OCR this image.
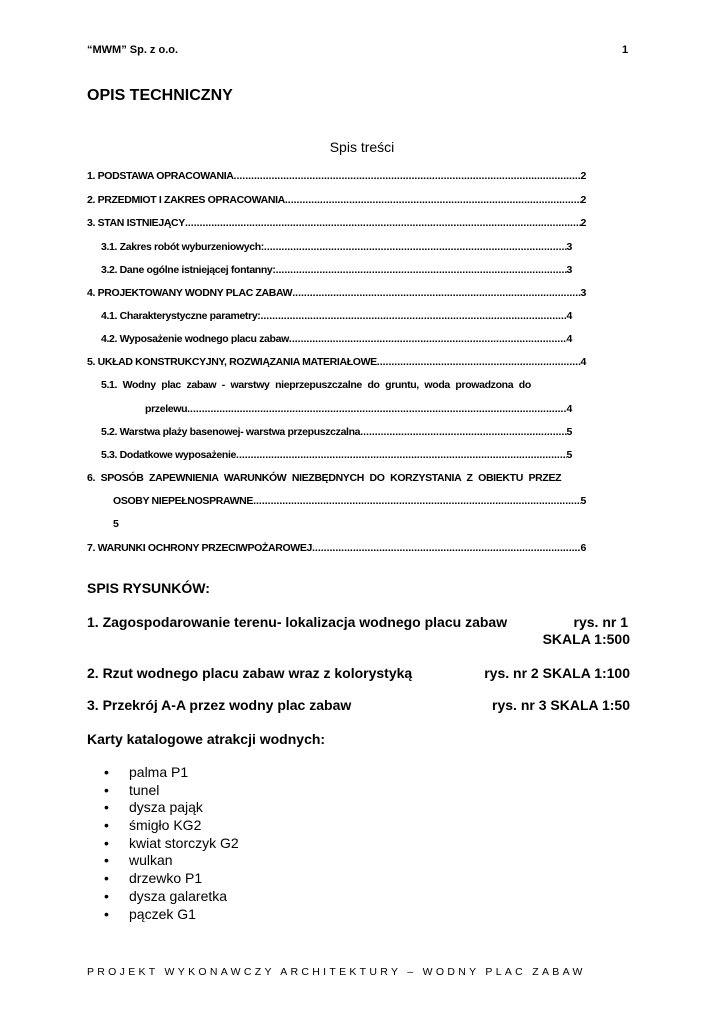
“MWM” Sp. z o.o.	1
OPIS TECHNICZNY
Spis treści
1. PODSTAWA OPRACOWANIA .....	2
2. PRZEDMIOT I ZAKRES OPRACOWANIA .....	2
3. STAN ISTNIEJĄCY .....	2
3.1. Zakres robót wyburzeniowych: .....	3
3.2. Dane ogólne istniejącej fontanny: .....	3
4. PROJEKTOWANY WODNY PLAC ZABAW .....	3
4.1. Charakterystyczne parametry: .....	4
4.2. Wyposażenie wodnego placu zabaw .....	4
5. UKŁAD KONSTRUKCYJNY, ROZWIĄZANIA MATERIAŁOWE .....	4
5.1. Wodny plac zabaw - warstwy nieprzepuszczalne do gruntu, woda prowadzona do
przelewu .....	4
5.2. Warstwa plaży basenowej- warstwa przepuszczalna .....	5
5.3. Dodatkowe wyposażenie .....	5
6. SPOSÓB ZAPEWNIENIA WARUNKÓW NIEZBĘDNYCH DO KORZYSTANIA Z OBIEKTU PRZEZ
OSOBY NIEPEŁNOSPRAWNE .....	5
5
7. WARUNKI OCHRONY PRZECIWPOŻAROWEJ .....	6
SPIS RYSUNKÓW:
1. Zagospodarowanie terenu- lokalizacja wodnego placu zabaw	rys. nr 1
SKALA 1:500
2. Rzut wodnego placu zabaw wraz z kolorystyką	rys. nr 2 SKALA 1:100
3. Przekrój A-A przez wodny plac zabaw	rys. nr 3 SKALA 1:50
Karty katalogowe atrakcji wodnych:
• palma P1
• tunel
• dysza pająk
• śmigło KG2
• kwiat storczyk G2
• wulkan
• drzewko P1
• dysza galaretka
• pączek G1
PROJEKT WYKONAWCZY ARCHITEKTURY – WODNY PLAC ZABAW
